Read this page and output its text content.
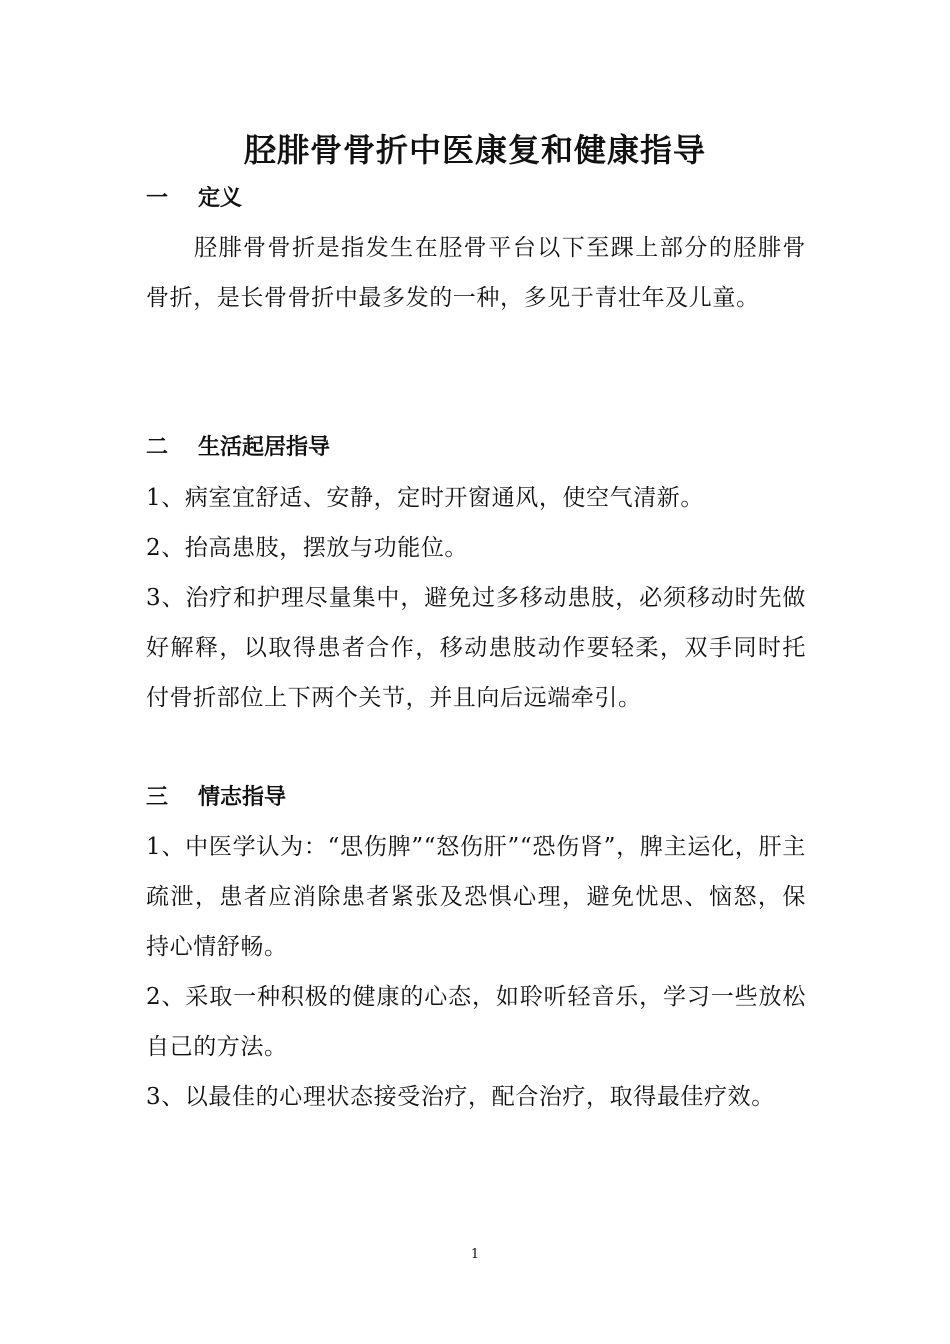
胫腓骨骨折中医康复和健康指导
一 定义

胫腓骨骨折是指发生在胫骨平台以下至踝上部分的胫腓骨骨折，是长骨骨折中最多发的一种，多见于青壮年及儿童。

二 生活起居指导

1、病室宜舒适、安静，定时开窗通风，使空气清新。

2、抬高患肢，摆放与功能位。

3、治疗和护理尽量集中，避免过多移动患肢，必须移动时先做好解释，以取得患者合作，移动患肢动作要轻柔，双手同时托付骨折部位上下两个关节，并且向后远端牵引。

三 情志指导

1、中医学认为：“思伤脾”“怒伤肝”“恐伤肾”，脾主运化，肝主疏泄，患者应消除患者紧张及恐惧心理，避免忧思、恼怒，保持心情舒畅。

2、采取一种积极的健康的心态，如聆听轻音乐，学习一些放松自己的方法。

3、以最佳的心理状态接受治疗，配合治疗，取得最佳疗效。

1
